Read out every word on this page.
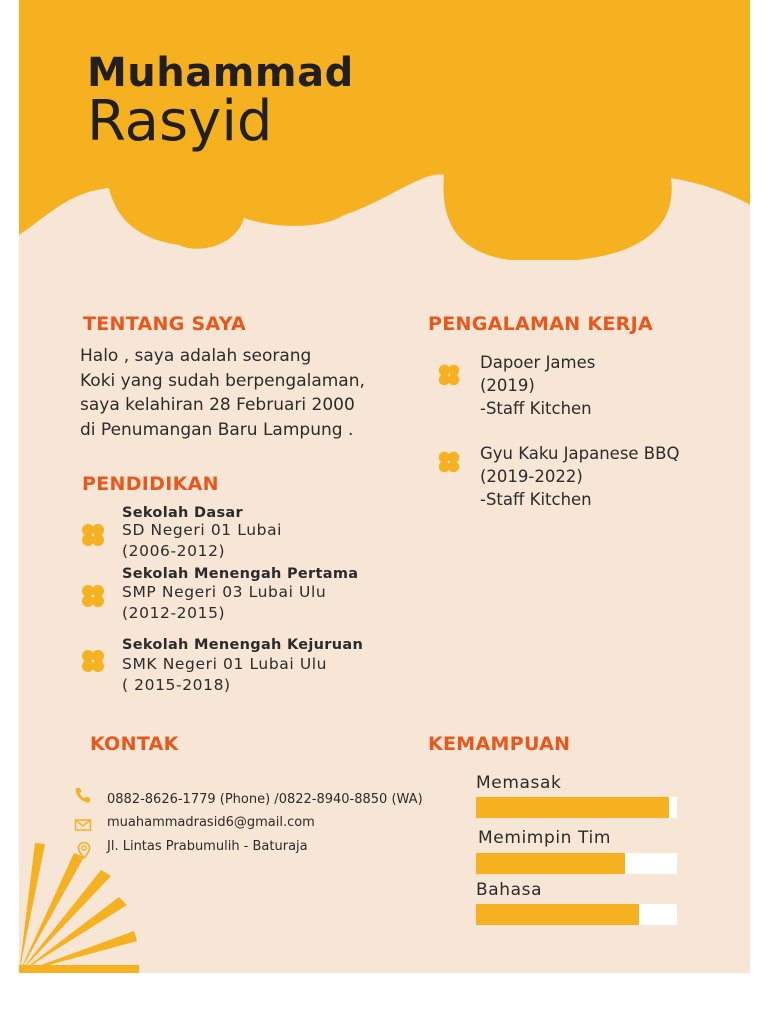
Muhammad
Rasyid
TENTANG SAYA
Halo , saya adalah seorang
Koki yang sudah berpengalaman,
saya kelahiran 28 Februari 2000
di Penumangan Baru Lampung .
PENDIDIKAN
Sekolah Dasar
SD Negeri 01 Lubai
(2006-2012)
Sekolah Menengah Pertama
SMP Negeri 03 Lubai Ulu
(2012-2015)
Sekolah Menengah Kejuruan
SMK Negeri 01 Lubai Ulu
( 2015-2018)
PENGALAMAN KERJA
Dapoer James
(2019)
-Staff Kitchen
Gyu Kaku Japanese BBQ
(2019-2022)
-Staff Kitchen
KONTAK
0882-8626-1779 (Phone) /0822-8940-8850 (WA)
muahammadrasid6@gmail.com
Jl. Lintas Prabumulih - Baturaja
KEMAMPUAN
Memasak
Memimpin Tim
Bahasa
